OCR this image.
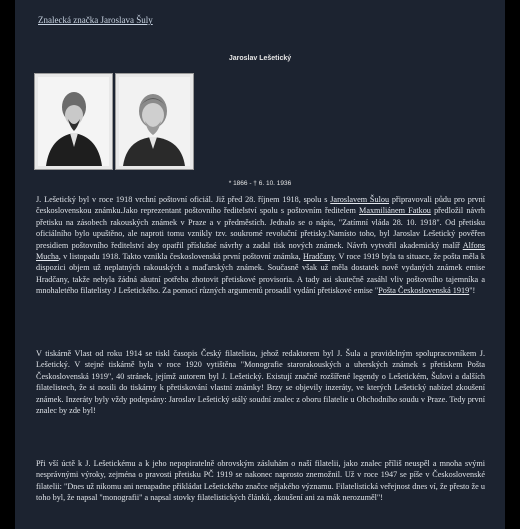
Znalecká značka Jaroslava Šuly
Jaroslav Lešetický
* 1866 - † 6. 10. 1936
J. Lešetický byl v roce 1918 vrchní poštovní oficiál. Již před 28. říjnem 1918, spolu s Jaroslavem Šulou připravovali půdu pro první československou známku.Jako reprezentant poštovního ředitelství spolu s poštovním ředitelem Maxmiliánem Fatkou předložil návrh přetisku na zásobech rakouských známek v Praze a v předměstích. Jednalo se o nápis, "Zatímní vláda 28. 10. 1918". Od přetisku oficiálního bylo upuštěno, ale naproti tomu vznikly tzv. soukromé revoluční přetisky.Namísto toho, byl Jaroslav Lešetický pověřen presidiem poštovního ředitelství aby opatřil příslušné návrhy a zadal tisk nových známek. Návrh vytvořil akademický malíř Alfons Mucha, v listopadu 1918. Takto vznikla československá první poštovní známka, Hradčany. V roce 1919 byla ta situace, že pošta měla k dispozici objem už neplatných rakouských a maďarských známek. Současně však už měla dostatek nově vydaných známek emise Hradčany, takže nebyla žádná akutní potřeba zhotovit přetiskové provisoria. A tady asi skutečně zasáhl vliv poštovního tajemníka a mnohaletého filatelisty J Lešetického. Za pomocí různých argumentů prosadil vydání přetiskové emise "Pošta Československá 1919"!
V tiskárně Vlast od roku 1914 se tiskl časopis Český filatelista, jehož redaktorem byl J. Šula a pravidelným spolupracovníkem J. Lešetický. V stejné tiskárně byla v roce 1920 vytištěna "Monografie starorakouských a uherských známek s přetiskem Pošta Československá 1919", 40 stránek, jejímž autorem byl J. Lešetický. Existují značně rozšířené legendy o Lešetickém, Šulovi a dalších filatelistech, že si nosili do tiskárny k přetiskování vlastní známky! Brzy se objevily inzeráty, ve kterých Lešetický nabízel zkoušení známek. Inzeráty byly vždy podepsány: Jaroslav Lešetický stálý soudní znalec z oboru filatelie u Obchodního soudu v Praze. Tedy první znalec by zde byl!
Při vší úctě k J. Lešetickému a k jeho nepopiratelně obrovským zásluhám o naší filatelii, jako znalec příliš neuspěl a mnoha svými nesprávnými výroky, zejména o pravosti přetisku PČ 1919 se nakonec naprosto znemožnil. Už v roce 1947 se píše v Československé filatelii: "Dnes už nikomu ani nenapadne přikládat Lešetického značce nějakého významu. Filatelistická veřejnost dnes ví, že přesto že u toho byl, že napsal "monografii" a napsal stovky filatelistických článků, zkoušení ani za mák nerozuměl"!
